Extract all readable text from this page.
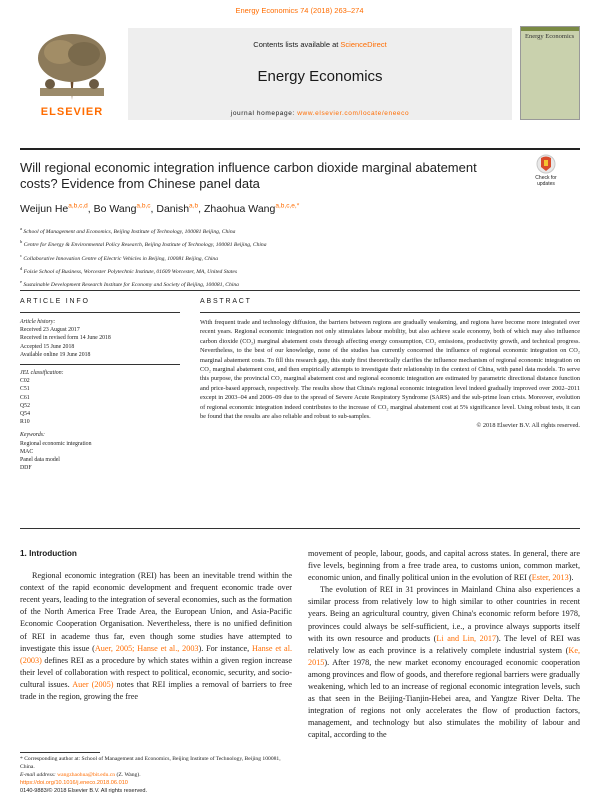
Energy Economics 74 (2018) 263–274
ELSEVIER
Contents lists available at ScienceDirect
Energy Economics
journal homepage: www.elsevier.com/locate/eneeco
Energy Economics
Will regional economic integration influence carbon dioxide marginal abatement costs? Evidence from Chinese panel data	Check for
updates
Weijun He$^{a,b,c,d}$, Bo Wang$^{a,b,c}$, Danish$^{a,b}$, Zhaohua Wang$^{a,b,c,e,*}$
$^a$ School of Management and Economics, Beijing Institute of Technology, 100081 Beijing, China
$^b$ Centre for Energy & Environmental Policy Research, Beijing Institute of Technology, 100081 Beijing, China
$^c$ Collaborative Innovation Centre of Electric Vehicles in Beijing, 100081 Beijing, China
$^d$ Foisie School of Business, Worcester Polytechnic Institute, 01609 Worcester, MA, United States
$^e$ Sustainable Development Research Institute for Economy and Society of Beijing, 100081, China
ARTICLE INFO	ABSTRACT
Article history:
Received 23 August 2017
Received in revised form 14 June 2018
Accepted 15 June 2018
Available online 19 June 2018
JEL classification:
C02
C51
C61
Q52
Q54
R10
Keywords:
Regional economic integration
MAC
Panel data model
DDF
With frequent trade and technology diffusion, the barriers between regions are gradually weakening, and regions have become more integrated over recent years. Regional economic integration not only stimulates labour mobility, but also achieve scale economy, both of which may also influence carbon dioxide (CO₂) marginal abatement costs through affecting energy consumption, CO₂ emissions, productivity growth, and technical progress. Nevertheless, to the best of our knowledge, none of the studies has currently concerned the influence of regional economic integration on CO₂ marginal abatement costs. To fill this research gap, this study first theoretically clarifies the influence mechanism of regional economic integration on CO₂ marginal abatement cost, and then empirically attempts to investigate their relationship in the context of China, with panel data models. To serve this purpose, the provincial CO₂ marginal abatement cost and regional economic integration are estimated by parametric directional distance function and price-based approach, respectively. The results show that China's regional economic integration level indeed gradually improved over 2002–2011 except in 2003–04 and 2006–09 due to the spread of Severe Acute Respiratory Syndrome (SARS) and the sub-prime loan crisis. Moreover, evolution of regional economic integration indeed contributes to the increase of CO₂ marginal abatement cost at 5% significance level. Using robust tests, it can be found that the results are also reliable and robust to sub-samples.
© 2018 Elsevier B.V. All rights reserved.
1. Introduction
Regional economic integration (REI) has been an inevitable trend within the context of the rapid economic development and frequent economic trade over recent years, leading to the integration of several economies, such as the formation of the North America Free Trade Area, the European Union, and Asia-Pacific Economic Cooperation Organisation. Nevertheless, there is no unified definition of REI in academe thus far, even though some studies have attempted to investigate this issue (Auer, 2005; Hanse et al., 2003). For instance, Hanse et al. (2003) defines REI as a procedure by which states within a given region increase their level of collaboration with respect to political, economic, security, and socio-cultural issues. Auer (2005) notes that REI implies a removal of barriers to free trade in the region, growing the free
movement of people, labour, goods, and capital across states. In general, there are five levels, beginning from a free trade area, to customs union, common market, economic union, and finally political union in the evolution of REI (Ester, 2013).
The evolution of REI in 31 provinces in Mainland China also experiences a similar process from relatively low to high similar to other countries in recent years. Being an agricultural country, given China's economic reform before 1978, provinces could always be self-sufficient, i.e., a province always supports itself with its own resource and products (Li and Lin, 2017). The level of REI was relatively low as each province is a relatively complete industrial system (Ke, 2015). After 1978, the new market economy encouraged economic cooperation among provinces and flow of goods, and therefore regional barriers were gradually weakening, which led to an increase of regional economic integration levels, such as that seen in the Beijing-Tianjin-Hebei area, and Yangtze River Delta. The integration of regions not only accelerates the flow of production factors, management, and technology but also stimulates the mobility of labour and capital, according to the
* Corresponding author at: School of Management and Economics, Beijing Institute of Technology, Beijing 100081, China.
E-mail address: wangzhaohua@bit.edu.cn (Z. Wang).
https://doi.org/10.1016/j.eneco.2018.06.010
0140-9883/© 2018 Elsevier B.V. All rights reserved.
